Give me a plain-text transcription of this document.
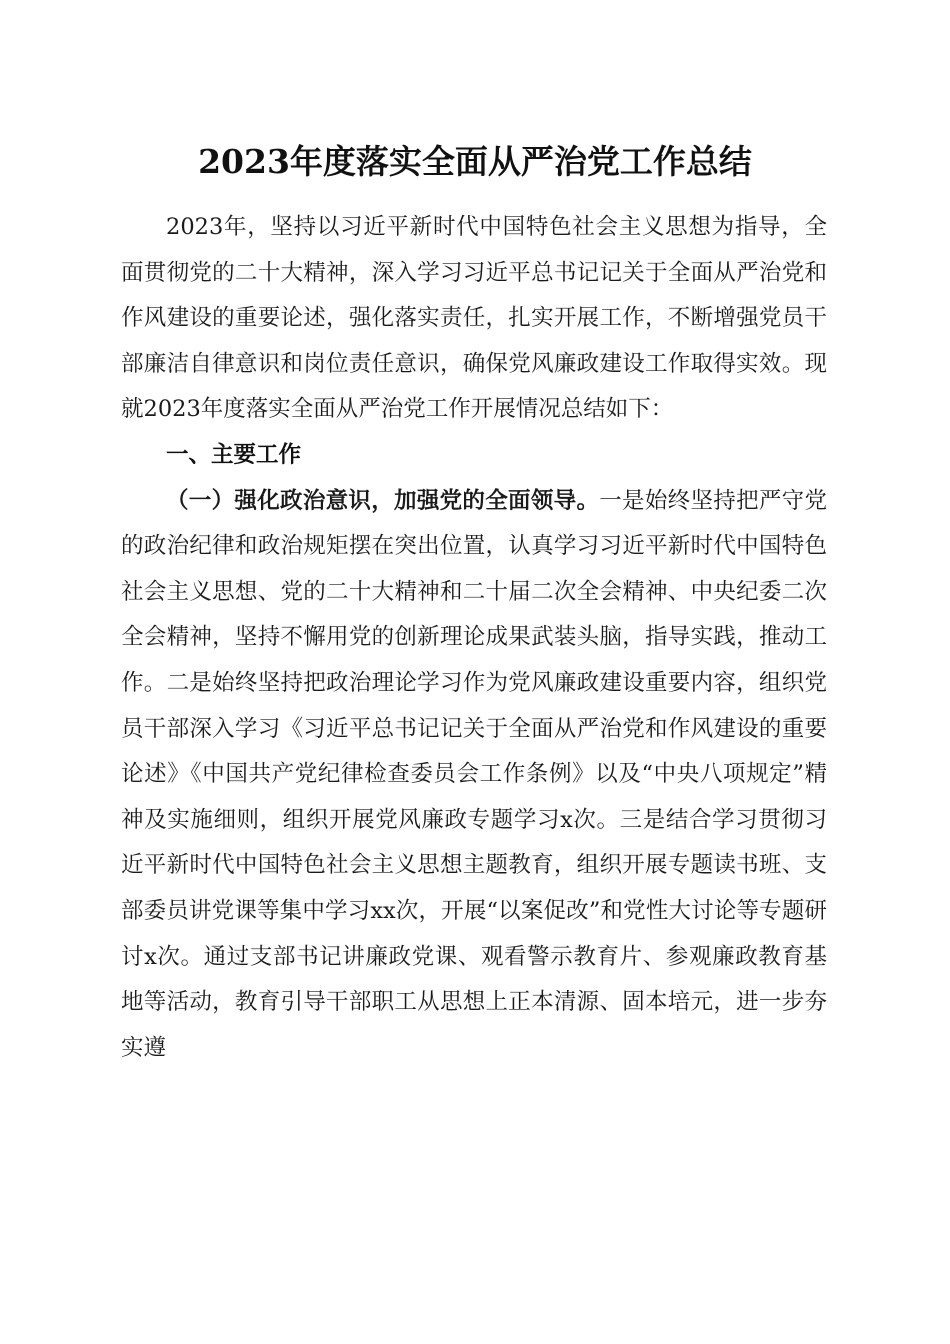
2023年度落实全面从严治党工作总结

2023年，坚持以习近平新时代中国特色社会主义思想为指导，全面贯彻党的二十大精神，深入学习习近平总书记记关于全面从严治党和作风建设的重要论述，强化落实责任，扎实开展工作，不断增强党员干部廉洁自律意识和岗位责任意识，确保党风廉政建设工作取得实效。现就2023年度落实全面从严治党工作开展情况总结如下：

一、主要工作

（一）强化政治意识，加强党的全面领导。一是始终坚持把严守党的政治纪律和政治规矩摆在突出位置，认真学习习近平新时代中国特色社会主义思想、党的二十大精神和二十届二次全会精神、中央纪委二次全会精神，坚持不懈用党的创新理论成果武装头脑，指导实践，推动工作。二是始终坚持把政治理论学习作为党风廉政建设重要内容，组织党员干部深入学习《习近平总书记记关于全面从严治党和作风建设的重要论述》《中国共产党纪律检查委员会工作条例》以及“中央八项规定”精神及实施细则，组织开展党风廉政专题学习x次。三是结合学习贯彻习近平新时代中国特色社会主义思想主题教育，组织开展专题读书班、支部委员讲党课等集中学习xx次，开展“以案促改”和党性大讨论等专题研讨x次。通过支部书记讲廉政党课、观看警示教育片、参观廉政教育基地等活动，教育引导干部职工从思想上正本清源、固本培元，进一步夯实遵
